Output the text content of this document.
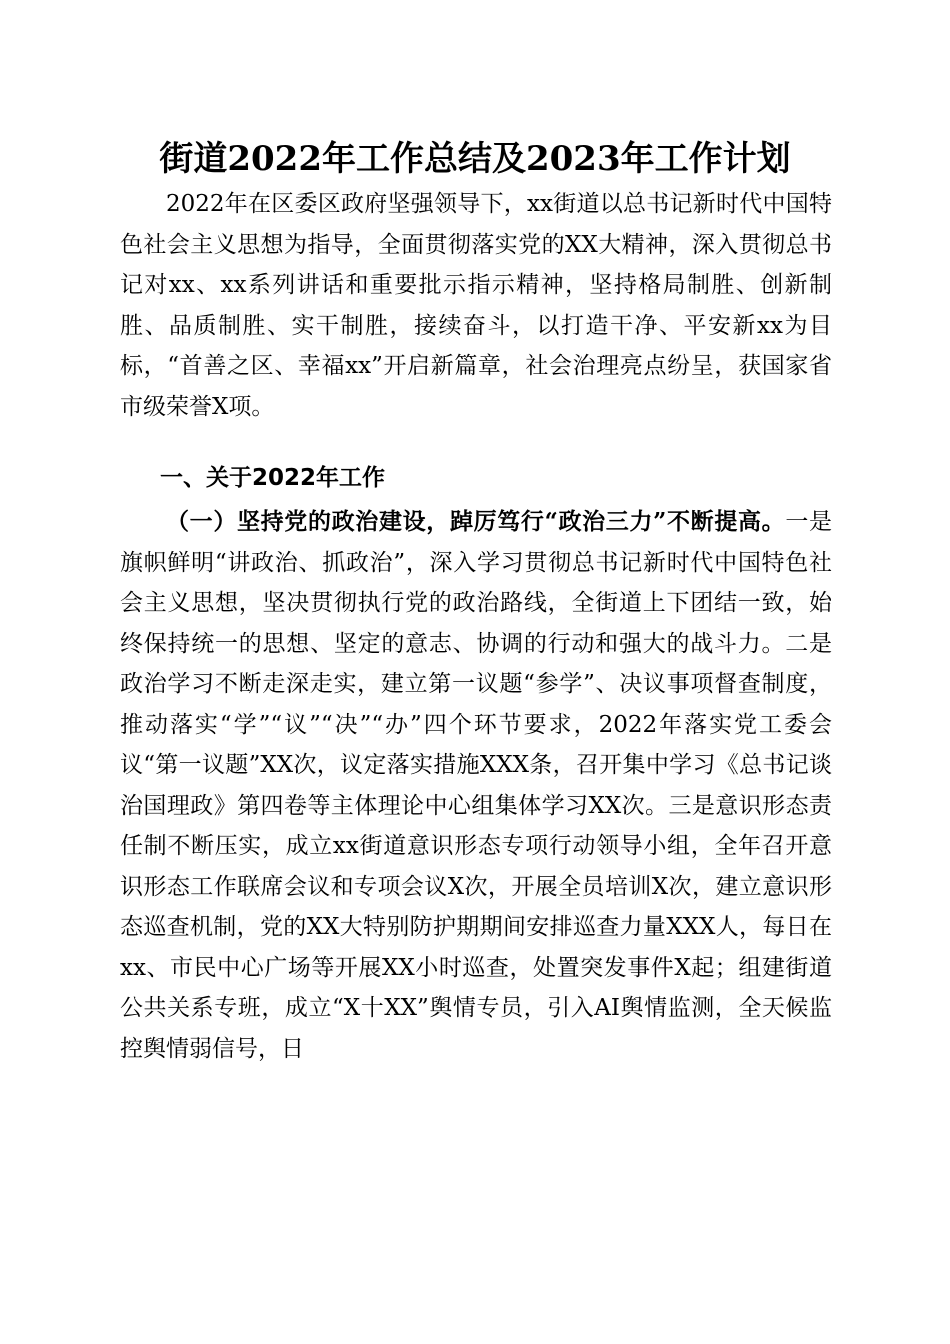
街道2022年工作总结及2023年工作计划

2022年在区委区政府坚强领导下，xx街道以总书记新时代中国特色社会主义思想为指导，全面贯彻落实党的XX大精神，深入贯彻总书记对xx、xx系列讲话和重要批示指示精神，坚持格局制胜、创新制胜、品质制胜、实干制胜，接续奋斗，以打造干净、平安新xx为目标，“首善之区、幸福xx”开启新篇章，社会治理亮点纷呈，获国家省市级荣誉X项。

一、关于2022年工作

（一）坚持党的政治建设，踔厉笃行“政治三力”不断提高。一是旗帜鲜明“讲政治、抓政治”，深入学习贯彻总书记新时代中国特色社会主义思想，坚决贯彻执行党的政治路线，全街道上下团结一致，始终保持统一的思想、坚定的意志、协调的行动和强大的战斗力。二是政治学习不断走深走实，建立第一议题“参学”、决议事项督查制度，推动落实“学”“议”“决”“办”四个环节要求，2022年落实党工委会议“第一议题”XX次，议定落实措施XXX条，召开集中学习《总书记谈治国理政》第四卷等主体理论中心组集体学习XX次。三是意识形态责任制不断压实，成立xx街道意识形态专项行动领导小组，全年召开意识形态工作联席会议和专项会议X次，开展全员培训X次，建立意识形态巡查机制，党的XX大特别防护期期间安排巡查力量XXX人，每日在xx、市民中心广场等开展XX小时巡查，处置突发事件X起；组建街道公共关系专班，成立“X十XX”舆情专员，引入AI舆情监测，全天候监控舆情弱信号，日
